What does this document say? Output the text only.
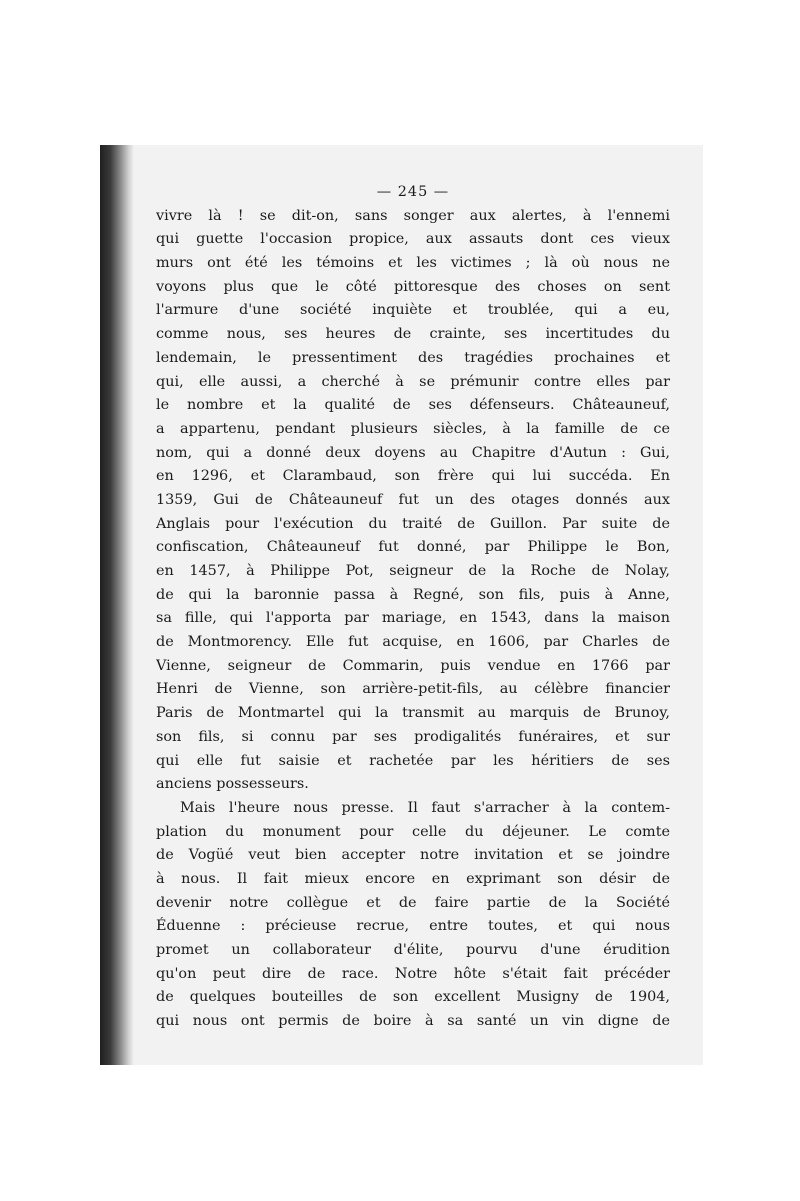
— 245 —

vivre là ! se dit-on, sans songer aux alertes, à l'ennemi
qui guette l'occasion propice, aux assauts dont ces vieux
murs ont été les témoins et les victimes ; là où nous ne
voyons plus que le côté pittoresque des choses on sent
l'armure d'une société inquiète et troublée, qui a eu,
comme nous, ses heures de crainte, ses incertitudes du
lendemain, le pressentiment des tragédies prochaines et
qui, elle aussi, a cherché à se prémunir contre elles par
le nombre et la qualité de ses défenseurs. Châteauneuf,
a appartenu, pendant plusieurs siècles, à la famille de ce
nom, qui a donné deux doyens au Chapitre d'Autun : Gui,
en 1296, et Clarambaud, son frère qui lui succéda. En
1359, Gui de Châteauneuf fut un des otages donnés aux
Anglais pour l'exécution du traité de Guillon. Par suite de
confiscation, Châteauneuf fut donné, par Philippe le Bon,
en 1457, à Philippe Pot, seigneur de la Roche de Nolay,
de qui la baronnie passa à Regné, son fils, puis à Anne,
sa fille, qui l'apporta par mariage, en 1543, dans la maison
de Montmorency. Elle fut acquise, en 1606, par Charles de
Vienne, seigneur de Commarin, puis vendue en 1766 par
Henri de Vienne, son arrière-petit-fils, au célèbre financier
Paris de Montmartel qui la transmit au marquis de Brunoy,
son fils, si connu par ses prodigalités funéraires, et sur
qui elle fut saisie et rachetée par les héritiers de ses
anciens possesseurs.
Mais l'heure nous presse. Il faut s'arracher à la contem-
plation du monument pour celle du déjeuner. Le comte
de Vogüé veut bien accepter notre invitation et se joindre
à nous. Il fait mieux encore en exprimant son désir de
devenir notre collègue et de faire partie de la Société
Éduenne : précieuse recrue, entre toutes, et qui nous
promet un collaborateur d'élite, pourvu d'une érudition
qu'on peut dire de race. Notre hôte s'était fait précéder
de quelques bouteilles de son excellent Musigny de 1904,
qui nous ont permis de boire à sa santé un vin digne de
